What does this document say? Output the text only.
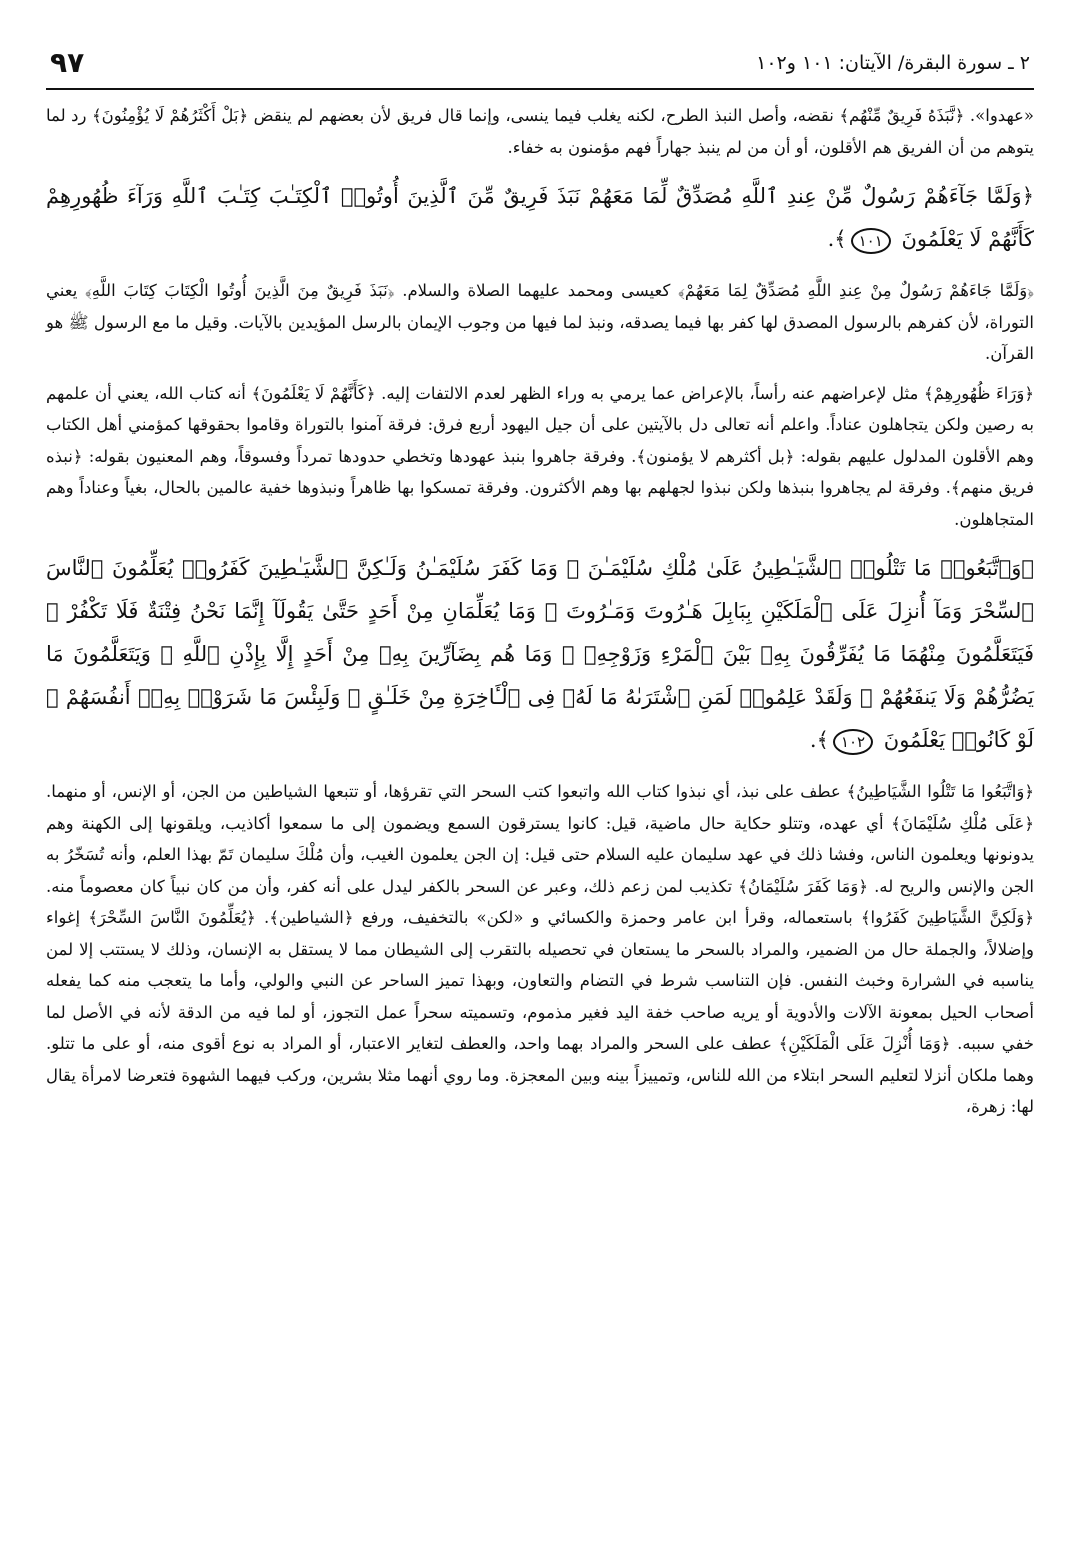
٩٧	٢ ـ سورة البقرة/ الآيتان: ١٠١ و١٠٢

«عهدوا». ﴿نَّبَذَهُ فَرِيقٌ مِّنْهُم﴾ نقضه، وأصل النبذ الطرح، لكنه يغلب فيما ينسى، وإنما قال فريق لأن بعضهم لم ينقض ﴿بَلْ أَكْثَرُهُمْ لَا يُؤْمِنُونَ﴾ رد لما يتوهم من أن الفريق هم الأقلون، أو أن من لم ينبذ جهاراً فهم مؤمنون به خفاء.

﴿وَلَمَّا جَآءَهُمْ رَسُولٌ مِّنْ عِندِ ٱللَّهِ مُصَدِّقٌ لِّمَا مَعَهُمْ نَبَذَ فَرِيقٌ مِّنَ ٱلَّذِينَ أُوتُوا۟ ٱلْكِتَـٰبَ كِتَـٰبَ ٱللَّهِ وَرَآءَ ظُهُورِهِمْ كَأَنَّهُمْ لَا يَعْلَمُونَ ١٠١﴾.

﴿وَلَمَّا جَاءَهُمْ رَسُولٌ مِنْ عِندِ اللَّهِ مُصَدِّقٌ لِمَا مَعَهُمْ﴾ كعيسى ومحمد عليهما الصلاة والسلام. ﴿نَبَذَ فَرِيقٌ مِنَ الَّذِينَ أُوتُوا الْكِتَابَ كِتَابَ اللَّهِ﴾ يعني التوراة، لأن كفرهم بالرسول المصدق لها كفر بها فيما يصدقه، ونبذ لما فيها من وجوب الإيمان بالرسل المؤيدين بالآيات. وقيل ما مع الرسول ﷺ هو القرآن.

﴿وَرَاءَ ظُهُورِهِمْ﴾ مثل لإعراضهم عنه رأساً، بالإعراض عما يرمي به وراء الظهر لعدم الالتفات إليه. ﴿كَأَنَّهُمْ لَا يَعْلَمُونَ﴾ أنه كتاب الله، يعني أن علمهم به رصين ولكن يتجاهلون عناداً. واعلم أنه تعالى دل بالآيتين على أن جيل اليهود أربع فرق: فرقة آمنوا بالتوراة وقاموا بحقوقها كمؤمني أهل الكتاب وهم الأقلون المدلول عليهم بقوله: ﴿بل أكثرهم لا يؤمنون﴾. وفرقة جاهروا بنبذ عهودها وتخطي حدودها تمرداً وفسوقاً، وهم المعنيون بقوله: ﴿نبذه فريق منهم﴾. وفرقة لم يجاهروا بنبذها ولكن نبذوا لجهلهم بها وهم الأكثرون. وفرقة تمسكوا بها ظاهراً ونبذوها خفية عالمين بالحال، بغياً وعناداً وهم المتجاهلون.

﴿وَٱتَّبَعُوا۟ مَا تَتْلُوا۟ ٱلشَّيَـٰطِينُ عَلَىٰ مُلْكِ سُلَيْمَـٰنَ ۖ وَمَا كَفَرَ سُلَيْمَـٰنُ وَلَـٰكِنَّ ٱلشَّيَـٰطِينَ كَفَرُوا۟ يُعَلِّمُونَ ٱلنَّاسَ ٱلسِّحْرَ وَمَآ أُنزِلَ عَلَى ٱلْمَلَكَيْنِ بِبَابِلَ هَـٰرُوتَ وَمَـٰرُوتَ ۚ وَمَا يُعَلِّمَانِ مِنْ أَحَدٍ حَتَّىٰ يَقُولَآ إِنَّمَا نَحْنُ فِتْنَةٌ فَلَا تَكْفُرْ ۖ فَيَتَعَلَّمُونَ مِنْهُمَا مَا يُفَرِّقُونَ بِهِۦ بَيْنَ ٱلْمَرْءِ وَزَوْجِهِۦ ۚ وَمَا هُم بِضَآرِّينَ بِهِۦ مِنْ أَحَدٍ إِلَّا بِإِذْنِ ٱللَّهِ ۚ وَيَتَعَلَّمُونَ مَا يَضُرُّهُمْ وَلَا يَنفَعُهُمْ ۚ وَلَقَدْ عَلِمُوا۟ لَمَنِ ٱشْتَرَىٰهُ مَا لَهُۥ فِى ٱلْـَٔاخِرَةِ مِنْ خَلَـٰقٍ ۚ وَلَبِئْسَ مَا شَرَوْا۟ بِهِۦٓ أَنفُسَهُمْ ۚ لَوْ كَانُوا۟ يَعْلَمُونَ ١٠٢﴾.

﴿وَاتَّبَعُوا مَا تَتْلُوا الشَّيَاطِينُ﴾ عطف على نبذ، أي نبذوا كتاب الله واتبعوا كتب السحر التي تقرؤها، أو تتبعها الشياطين من الجن، أو الإنس، أو منهما. ﴿عَلَى مُلْكِ سُلَيْمَانَ﴾ أي عهده، وتتلو حكاية حال ماضية، قيل: كانوا يسترقون السمع ويضمون إلى ما سمعوا أكاذيب، ويلقونها إلى الكهنة وهم يدونونها ويعلمون الناس، وفشا ذلك في عهد سليمان عليه السلام حتى قيل: إن الجن يعلمون الغيب، وأن مُلْكَ سليمان تَمّ بهذا العلم، وأنه تُسَخّرُ به الجن والإنس والريح له. ﴿وَمَا كَفَرَ سُلَيْمَانُ﴾ تكذيب لمن زعم ذلك، وعبر عن السحر بالكفر ليدل على أنه كفر، وأن من كان نبياً كان معصوماً منه. ﴿وَلَكِنَّ الشَّيَاطِينَ كَفَرُوا﴾ باستعماله، وقرأ ابن عامر وحمزة والكسائي و «لكن» بالتخفيف، ورفع ﴿الشياطين﴾. ﴿يُعَلِّمُونَ النَّاسَ السِّحْرَ﴾ إغواء وإضلالاً، والجملة حال من الضمير، والمراد بالسحر ما يستعان في تحصيله بالتقرب إلى الشيطان مما لا يستقل به الإنسان، وذلك لا يستتب إلا لمن يناسبه في الشرارة وخبث النفس. فإن التناسب شرط في التضام والتعاون، وبهذا تميز الساحر عن النبي والولي، وأما ما يتعجب منه كما يفعله أصحاب الحيل بمعونة الآلات والأدوية أو يريه صاحب خفة اليد فغير مذموم، وتسميته سحراً عمل التجوز، أو لما فيه من الدقة لأنه في الأصل لما خفي سببه. ﴿وَمَا أُنْزِلَ عَلَى الْمَلَكَيْنِ﴾ عطف على السحر والمراد بهما واحد، والعطف لتغاير الاعتبار، أو المراد به نوع أقوى منه، أو على ما تتلو. وهما ملكان أنزلا لتعليم السحر ابتلاء من الله للناس، وتمييزاً بينه وبين المعجزة. وما روي أنهما مثلا بشرين، وركب فيهما الشهوة فتعرضا لامرأة يقال لها: زهرة،
